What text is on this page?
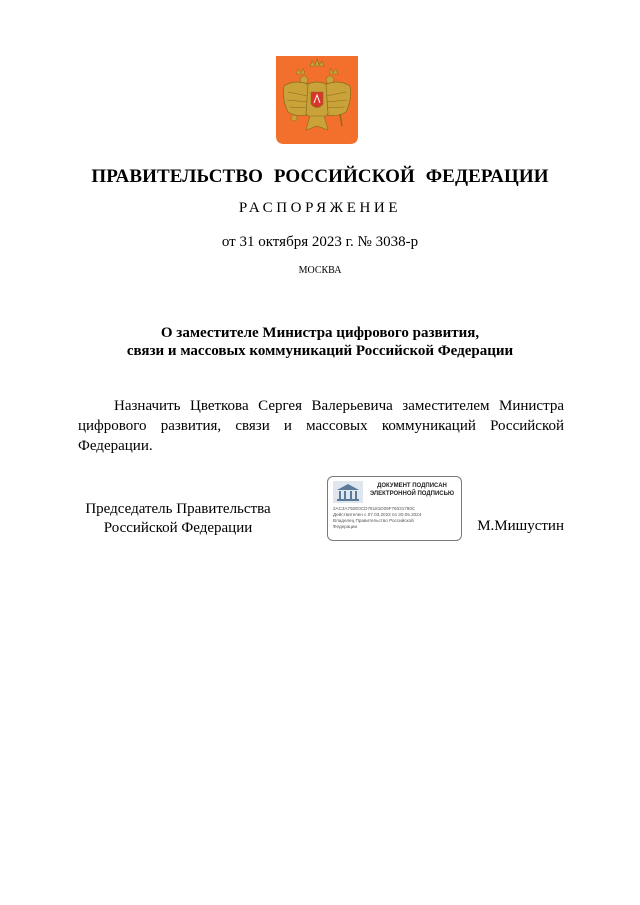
ПРАВИТЕЛЬСТВО РОССИЙСКОЙ ФЕДЕРАЦИИ
РАСПОРЯЖЕНИЕ
от 31 октября 2023 г. № 3038-р
МОСКВА
О заместителе Министра цифрового развития,
связи и массовых коммуникаций Российской Федерации
Назначить Цветкова Сергея Валерьевича заместителем Министра цифрового развития, связи и массовых коммуникаций Российской Федерации.
Председатель Правительства
Российской Федерации
ДОКУМЕНТ ПОДПИСАН
ЭЛЕКТРОННОЙ ПОДПИСЬЮ
2AC3A792E0CD78181D09F76031790C
Действителен с 07.03.2023 по 30.05.2024
Владелец Правительство Российской
Федерации	М.Мишустин
